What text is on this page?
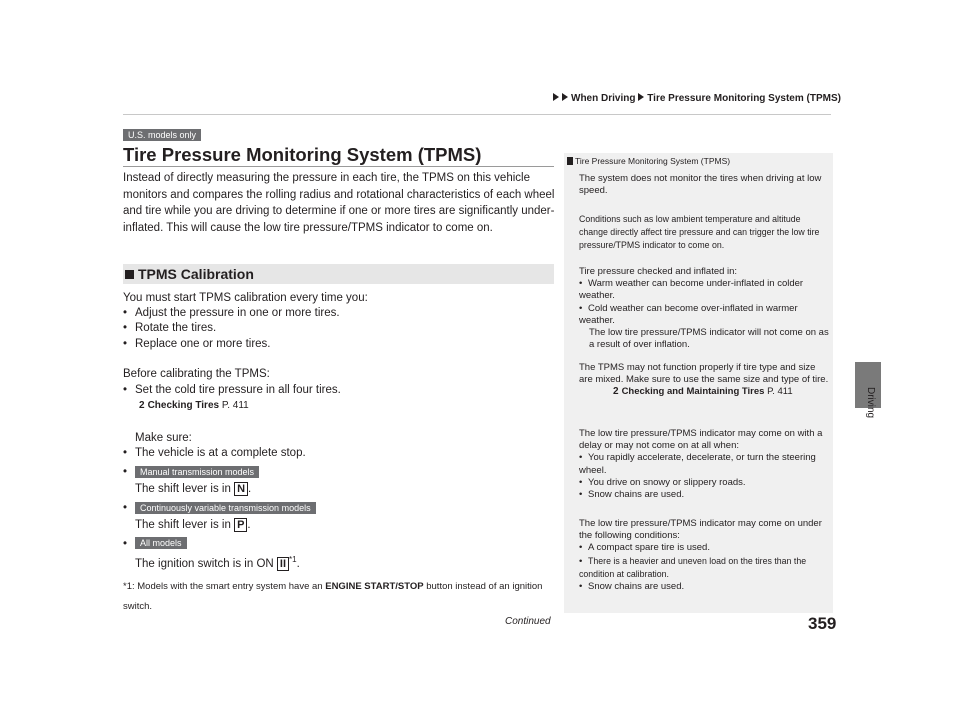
When Driving Tire Pressure Monitoring System (TPMS)
U.S. models only
Tire Pressure Monitoring System (TPMS)
Instead of directly measuring the pressure in each tire, the TPMS on this vehicle monitors and compares the rolling radius and rotational characteristics of each wheel and tire while you are driving to determine if one or more tires are significantly under-inflated. This will cause the low tire pressure/TPMS indicator to come on.
TPMS Calibration
You must start TPMS calibration every time you:
• Adjust the pressure in one or more tires.
• Rotate the tires.
• Replace one or more tires.
Before calibrating the TPMS:
• Set the cold tire pressure in all four tires.
2 Checking Tires P. 411
Make sure:
• The vehicle is at a complete stop.
•	Manual transmission models
The shift lever is in N .
•	Continuously variable transmission models
The shift lever is in P .
•	All models
The ignition switch is in ON II $^{*1}$.
*1: Models with the smart entry system have an ENGINE START/STOP button instead of an ignition switch.
Tire Pressure Monitoring System (TPMS)
The system does not monitor the tires when driving at low speed.
Conditions such as low ambient temperature and altitude change directly affect tire pressure and can trigger the low tire pressure/TPMS indicator to come on.
Tire pressure checked and inflated in:
• Warm weather can become under-inflated in colder weather.
• Cold weather can become over-inflated in warmer weather.
The low tire pressure/TPMS indicator will not come on as a result of over inflation.
The TPMS may not function properly if tire type and size are mixed. Make sure to use the same size and type of tire.
2 Checking and Maintaining Tires P. 411
The low tire pressure/TPMS indicator may come on with a delay or may not come on at all when:
• You rapidly accelerate, decelerate, or turn the steering wheel.
• You drive on snowy or slippery roads.
• Snow chains are used.
The low tire pressure/TPMS indicator may come on under the following conditions:
• A compact spare tire is used.
• There is a heavier and uneven load on the tires than the condition at calibration.
• Snow chains are used.
Driving
359
Continued
